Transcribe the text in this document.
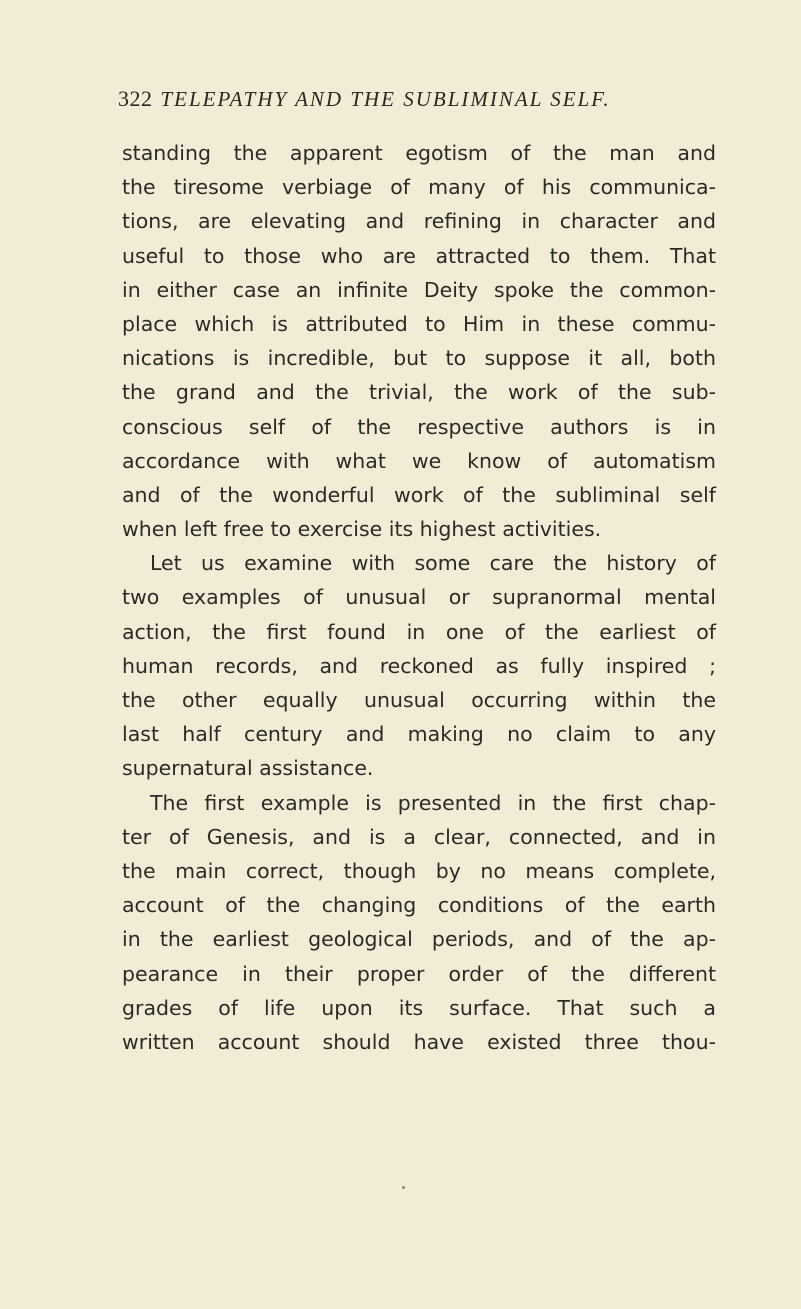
322 TELEPATHY AND THE SUBLIMINAL SELF.
standing the apparent egotism of the man and
the tiresome verbiage of many of his communica-
tions, are elevating and refining in character and
useful to those who are attracted to them. That
in either case an infinite Deity spoke the common-
place which is attributed to Him in these commu-
nications is incredible, but to suppose it all, both
the grand and the trivial, the work of the sub-
conscious self of the respective authors is in
accordance with what we know of automatism
and of the wonderful work of the subliminal self
when left free to exercise its highest activities.
Let us examine with some care the history of
two examples of unusual or supranormal mental
action, the first found in one of the earliest of
human records, and reckoned as fully inspired ;
the other equally unusual occurring within the
last half century and making no claim to any
supernatural assistance.
The first example is presented in the first chap-
ter of Genesis, and is a clear, connected, and in
the main correct, though by no means complete,
account of the changing conditions of the earth
in the earliest geological periods, and of the ap-
pearance in their proper order of the different
grades of life upon its surface. That such a
written account should have existed three thou-
